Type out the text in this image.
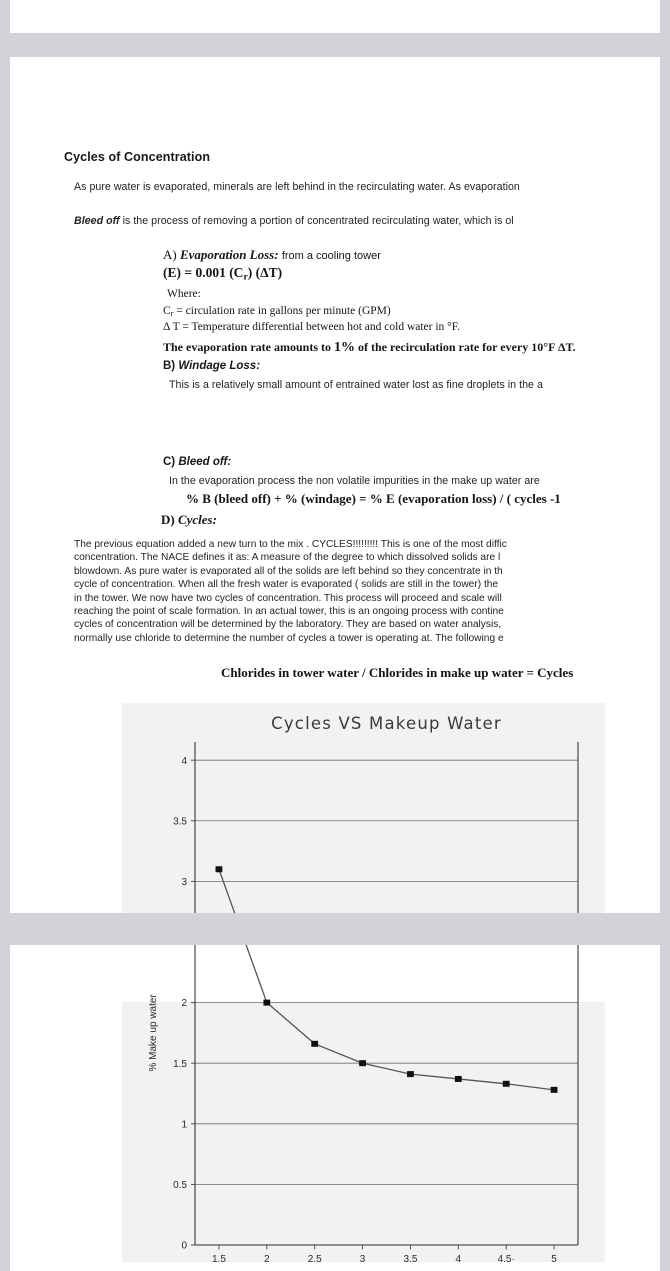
Cycles of Concentration
As pure water is evaporated, minerals are left behind in the recirculating water. As evaporation
Bleed off is the process of removing a portion of concentrated recirculating water, which is ol
A) Evaporation Loss: from a cooling tower
(E) = 0.001 $(C_r)$ (ΔT)
Where:
$C_r$ = circulation rate in gallons per minute (GPM)
Δ T = Temperature differential between hot and cold water in °F.
The evaporation rate amounts to 1% of the recirculation rate for every 10°F ΔT.
B) Windage Loss:
This is a relatively small amount of entrained water lost as fine droplets in the a
C) Bleed off:
In the evaporation process the non volatile impurities in the make up water are
% B (bleed off) + % (windage) = % E (evaporation loss) / ( cycles -1
D) Cycles:
The previous equation added a new turn to the mix . CYCLES!!!!!!!!! This is one of the most diffic
concentration. The NACE defines it as: A measure of the degree to which dissolved solids are l
blowdown. As pure water is evaporated all of the solids are left behind so they concentrate in th
cycle of concentration. When all the fresh water is evaporated ( solids are still in the tower) the
in the tower. We now have two cycles of concentration. This process will proceed and scale will
reaching the point of scale formation. In an actual tower, this is an ongoing process with continе
cycles of concentration will be determined by the laboratory. They are based on water analysis,
normally use chloride to determine the number of cycles a tower is operating at. The following е
Chlorides in tower water / Chlorides in make up water = Cycles
3
3.5
4
Cycles VS Makeup Water
0
0.5
1
1.5
2
1.5	2	2.5	3	3.5	4	4.5·	5
% Make up water
